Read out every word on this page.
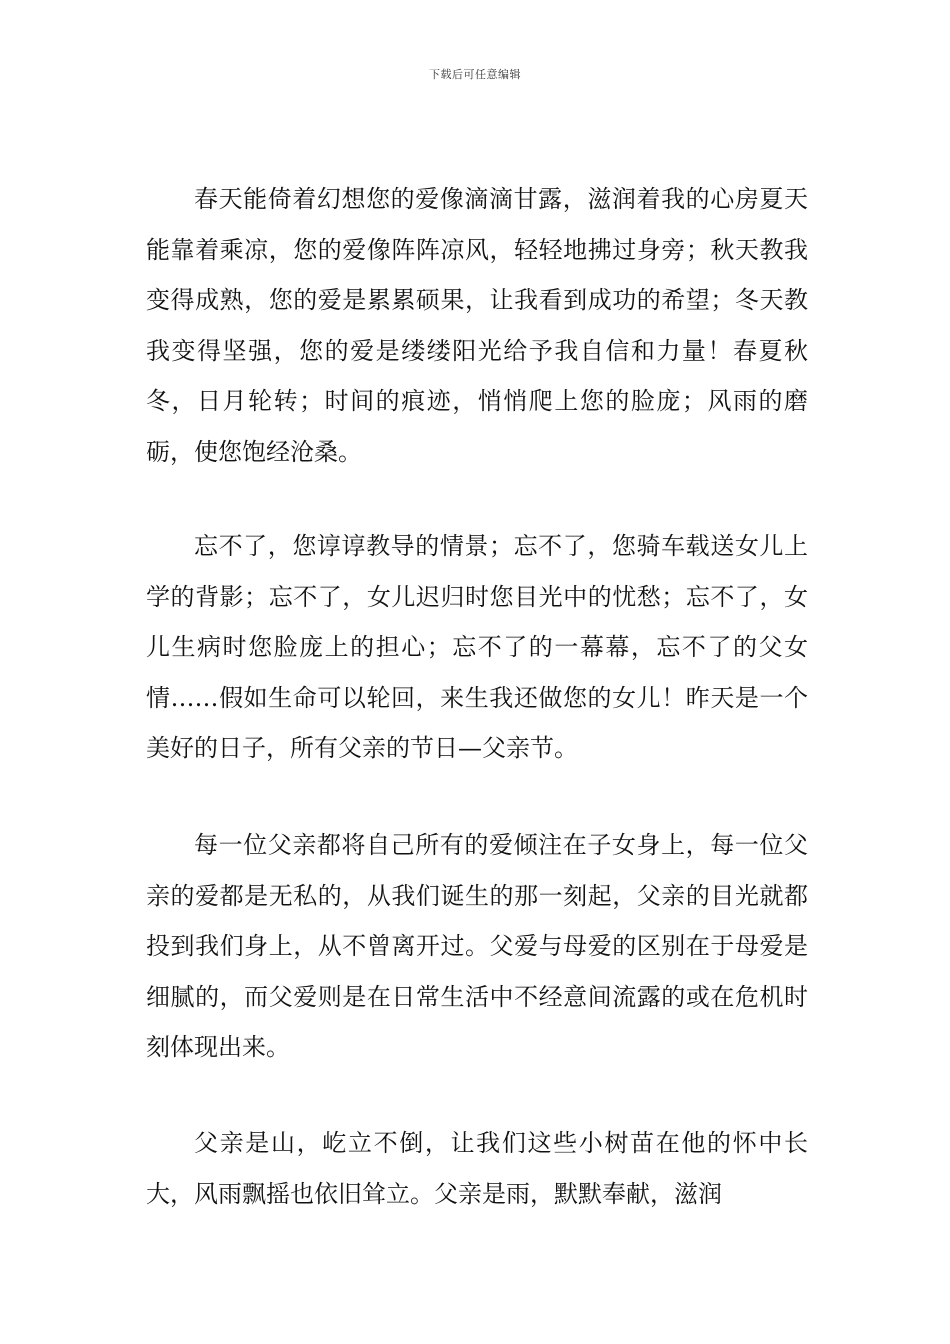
下载后可任意编辑
春天能倚着幻想您的爱像滴滴甘露，滋润着我的心房夏天能靠着乘凉，您的爱像阵阵凉风，轻轻地拂过身旁；秋天教我变得成熟，您的爱是累累硕果，让我看到成功的希望；冬天教我变得坚强，您的爱是缕缕阳光给予我自信和力量！春夏秋冬，日月轮转；时间的痕迹，悄悄爬上您的脸庞；风雨的磨砺，使您饱经沧桑。
忘不了，您谆谆教导的情景；忘不了，您骑车载送女儿上学的背影；忘不了，女儿迟归时您目光中的忧愁；忘不了，女儿生病时您脸庞上的担心；忘不了的一幕幕，忘不了的父女情……假如生命可以轮回，来生我还做您的女儿！昨天是一个美好的日子，所有父亲的节日—父亲节。
每一位父亲都将自己所有的爱倾注在子女身上，每一位父亲的爱都是无私的，从我们诞生的那一刻起，父亲的目光就都投到我们身上，从不曾离开过。父爱与母爱的区别在于母爱是细腻的，而父爱则是在日常生活中不经意间流露的或在危机时刻体现出来。
父亲是山，屹立不倒，让我们这些小树苗在他的怀中长大，风雨飘摇也依旧耸立。父亲是雨，默默奉献，滋润
